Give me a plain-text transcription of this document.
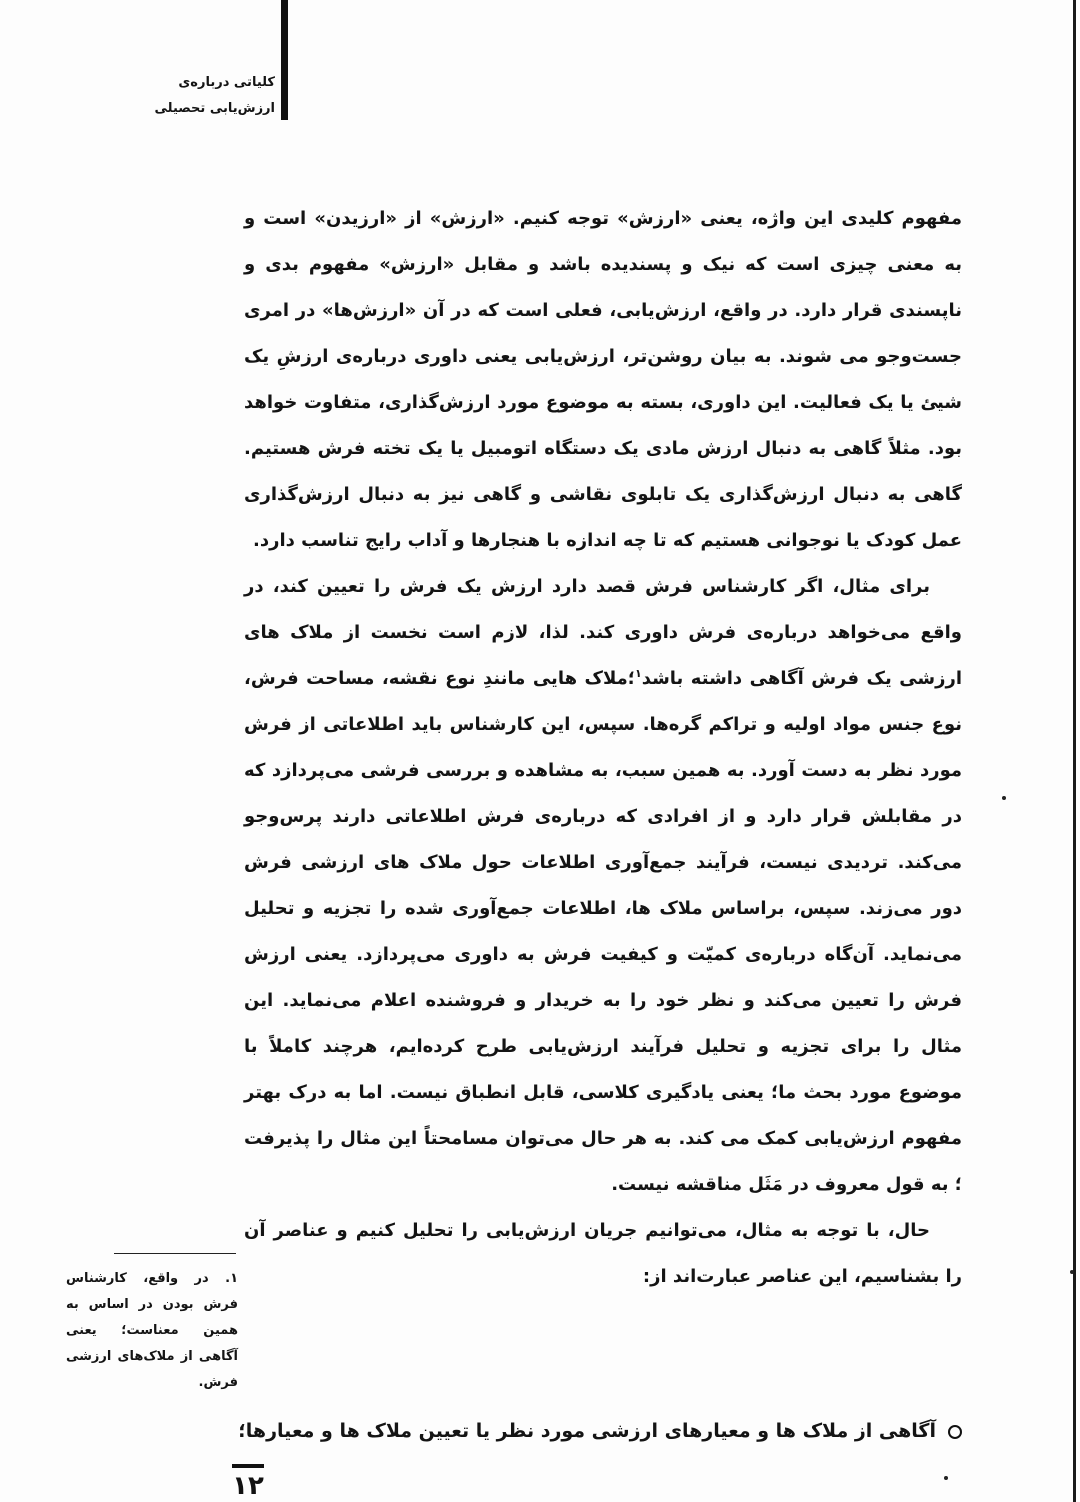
کلیاتی درباره‌ی
ارزش‌یابی تحصیلی

مفهوم کلیدی این واژه، یعنی «ارزش» توجه کنیم. «ارزش» از «ارزیدن» است و به معنی چیزی است که نیک و پسندیده باشد و مقابل «ارزش» مفهوم بدی و ناپسندی قرار دارد. در واقع، ارزش‌یابی، فعلی است که در آن «ارزش‌ها» در امری جست‌وجو می شوند. به بیان روشن‌تر، ارزش‌یابی یعنی داوری درباره‌ی ارزشِ یک شیئ یا یک فعالیت. این داوری، بسته به موضوع مورد ارزش‌گذاری، متفاوت خواهد بود. مثلاً گاهی به دنبال ارزش مادی یک دستگاه اتومبیل یا یک تخته فرش هستیم. گاهی به دنبال ارزش‌گذاری یک تابلوی نقاشی و گاهی نیز به دنبال ارزش‌گذاری عمل کودک یا نوجوانی هستیم که تا چه اندازه با هنجارها و آداب رایج تناسب دارد.

برای مثال، اگر کارشناس فرش قصد دارد ارزش یک فرش را تعیین کند، در واقع می‌خواهد درباره‌ی فرش داوری کند. لذا، لازم است نخست از ملاک های ارزشی یک فرش آگاهی داشته باشد$^۱$؛ملاک هایی مانندِ نوع نقشه، مساحت فرش، نوع جنس مواد اولیه و تراکم گره‌ها. سپس، این کارشناس باید اطلاعاتی از فرش مورد نظر به دست آورد. به همین سبب، به مشاهده و بررسی فرشی می‌پردازد که در مقابلش قرار دارد و از افرادی که درباره‌ی فرش اطلاعاتی دارند پرس‌وجو می‌کند. تردیدی نیست، فرآیند جمع‌آوری اطلاعات حول ملاک های ارزشی فرش دور می‌زند. سپس، براساس ملاک ها، اطلاعات جمع‌آوری شده را تجزیه و تحلیل می‌نماید. آن‌گاه درباره‌ی کمیّت و کیفیت فرش به داوری می‌پردازد. یعنی ارزش فرش را تعیین می‌کند و نظر خود را به خریدار و فروشنده اعلام می‌نماید. این مثال را برای تجزیه و تحلیل فرآیند ارزش‌یابی طرح کرده‌ایم، هرچند کاملاً با موضوع مورد بحث ما؛ یعنی یادگیری کلاسی، قابل انطباق نیست. اما به درک بهتر مفهوم ارزش‌یابی کمک می کند. به هر حال می‌توان مسامحتاً این مثال را پذیرفت ؛ به قول معروف در مَثَل مناقشه نیست.

حال، با توجه به مثال، می‌توانیم جریان ارزش‌یابی را تحلیل کنیم و عناصر آن را بشناسیم، این عناصر عبارت‌اند از:

آگاهی از ملاک ها و معیارهای ارزشی مورد نظر یا تعیین ملاک ها و معیارها؛
۱. در واقع، کارشناس فرش بودن در اساس به همین معناست؛ یعنی آگاهی از ملاک‌های ارزشی فرش.
۱۲
